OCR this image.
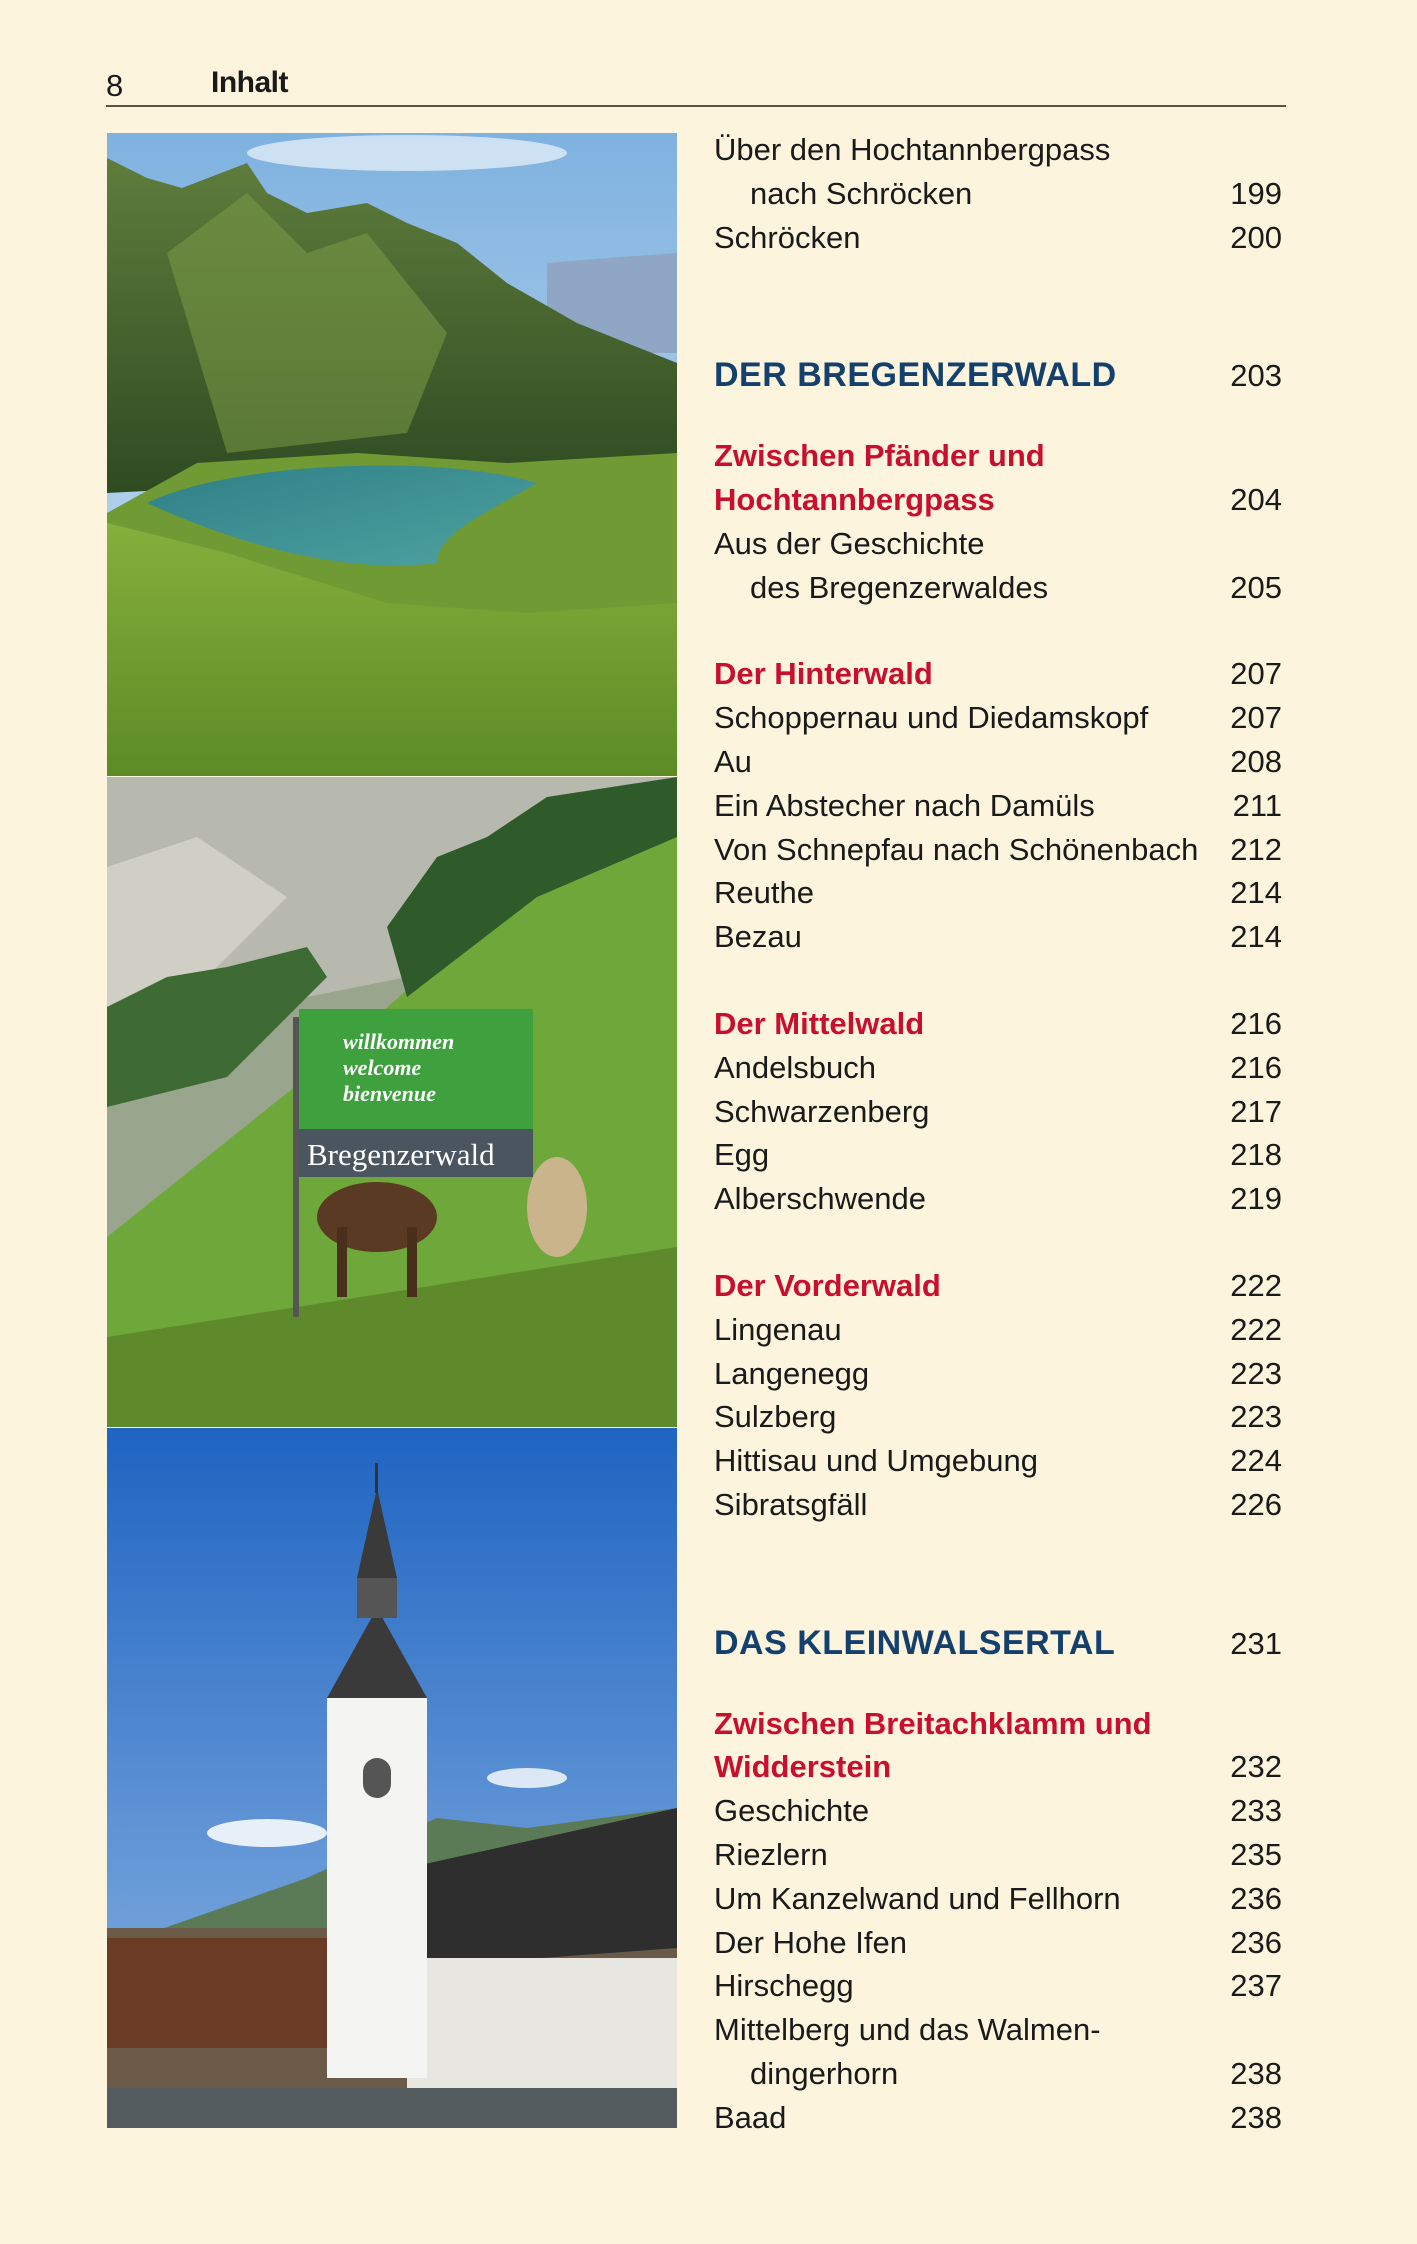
8	Inhalt
willkommen
welcome
bienvenue
Bregenzerwald
Über den Hochtannbergpass
nach Schröcken	199
Schröcken	200
DER BREGENZERWALD	203
Zwischen Pfänder und
Hochtannbergpass	204
Aus der Geschichte
des Bregenzerwaldes	205
Der Hinterwald	207
Schoppernau und Diedamskopf	207
Au	208
Ein Abstecher nach Damüls	211
Von Schnepfau nach Schönenbach 212
Reuthe	214
Bezau	214
Der Mittelwald	216
Andelsbuch	216
Schwarzenberg	217
Egg	218
Alberschwende	219
Der Vorderwald	222
Lingenau	222
Langenegg	223
Sulzberg	223
Hittisau und Umgebung	224
Sibratsgfäll	226
DAS KLEINWALSERTAL	231
Zwischen Breitachklamm und
Widderstein	232
Geschichte	233
Riezlern	235
Um Kanzelwand und Fellhorn	236
Der Hohe Ifen	236
Hirschegg	237
Mittelberg und das Walmen-
dingerhorn	238
Baad	238
